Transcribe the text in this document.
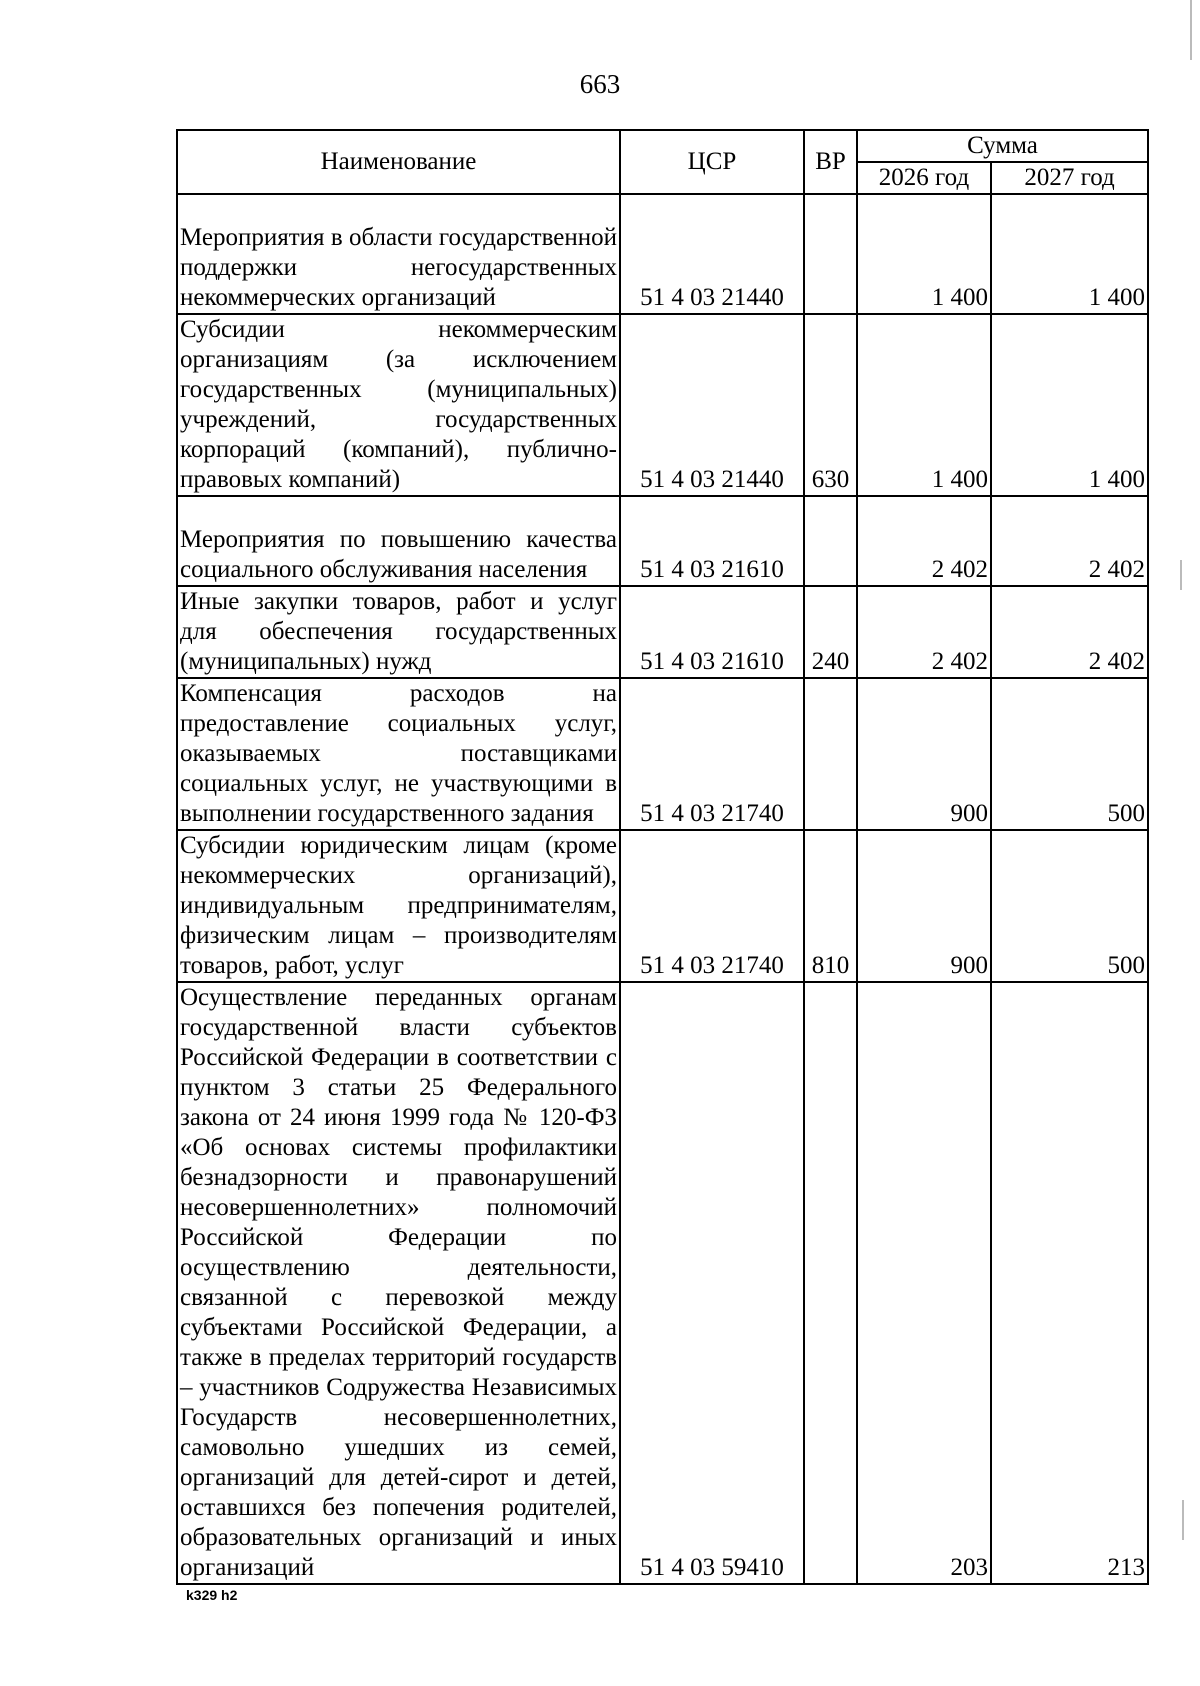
663
Наименование	ЦСР	ВР	Сумма	
			2026 год	2027 год
Мероприятия в области государственной поддержки негосударственных некоммерческих организаций	51 4 03 21440		1 400	1 400
Субсидии некоммерческим организациям (за исключением государственных (муниципальных) учреждений, государственных корпораций (компаний), публично-правовых компаний)	51 4 03 21440	630	1 400	1 400
Мероприятия по повышению качества социального обслуживания населения	51 4 03 21610		2 402	2 402
Иные закупки товаров, работ и услуг для обеспечения государственных (муниципальных) нужд	51 4 03 21610	240	2 402	2 402
Компенсация расходов на предоставление социальных услуг, оказываемых поставщиками социальных услуг, не участвующими в выполнении государственного задания	51 4 03 21740		900	500
Субсидии юридическим лицам (кроме некоммерческих организаций), индивидуальным предпринимателям, физическим лицам – производителям товаров, работ, услуг	51 4 03 21740	810	900	500
Осуществление переданных органам государственной власти субъектов Российской Федерации в соответствии с пунктом 3 статьи 25 Федерального закона от 24 июня 1999 года № 120-ФЗ «Об основах системы профилактики безнадзорности и правонарушений несовершеннолетних» полномочий Российской Федерации по осуществлению деятельности, связанной с перевозкой между субъектами Российской Федерации, а также в пределах территорий государств – участников Содружества Независимых Государств несовершеннолетних, самовольно ушедших из семей, организаций для детей-сирот и детей, оставшихся без попечения родителей, образовательных организаций и иных организаций	51 4 03 59410		203	213
k329 h2
